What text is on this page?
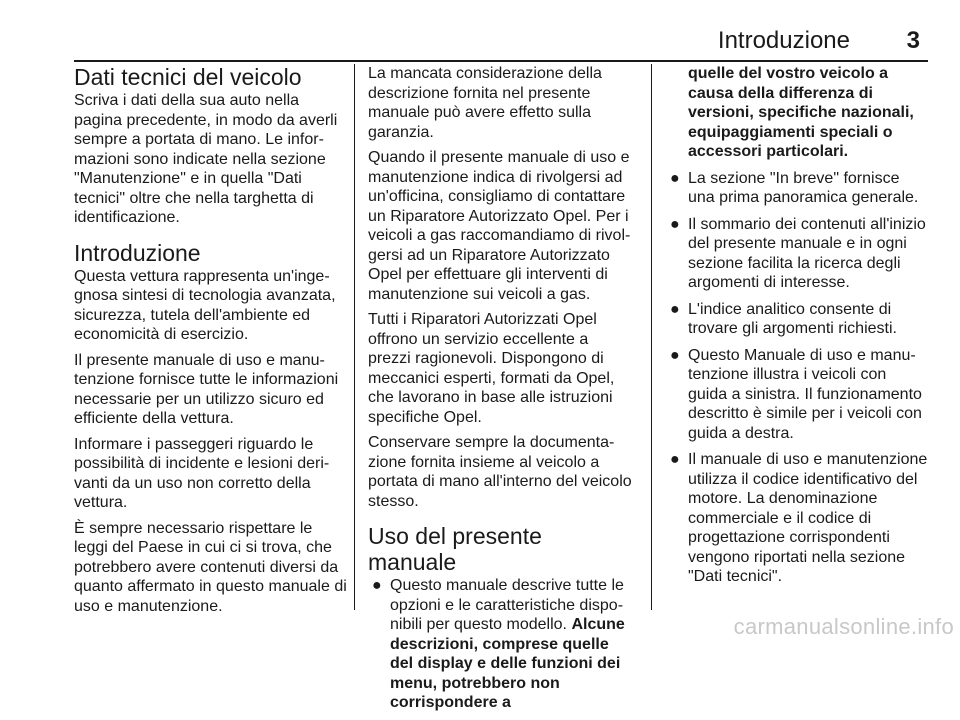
Introduzione 3
Dati tecnici del veicolo

Scriva i dati della sua auto nella pagina precedente, in modo da averli sempre a portata di mano. Le informazioni sono indicate nella sezione "Manutenzione" e in quella "Dati tecnici" oltre che nella targhetta di identificazione.

Introduzione

Questa vettura rappresenta un'ingegnosa sintesi di tecnologia avanzata, sicurezza, tutela dell'ambiente ed economicità di esercizio.

Il presente manuale di uso e manutenzione fornisce tutte le informazioni necessarie per un utilizzo sicuro ed efficiente della vettura.

Informare i passeggeri riguardo le possibilità di incidente e lesioni derivanti da un uso non corretto della vettura.

È sempre necessario rispettare le leggi del Paese in cui ci si trova, che potrebbero avere contenuti diversi da quanto affermato in questo manuale di uso e manutenzione.

La mancata considerazione della descrizione fornita nel presente manuale può avere effetto sulla garanzia.

Quando il presente manuale di uso e manutenzione indica di rivolgersi ad un'officina, consigliamo di contattare un Riparatore Autorizzato Opel. Per i veicoli a gas raccomandiamo di rivolgersi ad un Riparatore Autorizzato Opel per effettuare gli interventi di manutenzione sui veicoli a gas.

Tutti i Riparatori Autorizzati Opel offrono un servizio eccellente a prezzi ragionevoli. Dispongono di meccanici esperti, formati da Opel, che lavorano in base alle istruzioni specifiche Opel.

Conservare sempre la documentazione fornita insieme al veicolo a portata di mano all'interno del veicolo stesso.

Uso del presente manuale
● Questo manuale descrive tutte le opzioni e le caratteristiche disponibili per questo modello. Alcune descrizioni, comprese quelle del display e delle funzioni dei menu, potrebbero non corrispondere a

quelle del vostro veicolo a causa della differenza di versioni, specifiche nazionali, equipaggiamenti speciali o accessori particolari.

● La sezione "In breve" fornisce una prima panoramica generale.
● Il sommario dei contenuti all'inizio del presente manuale e in ogni sezione facilita la ricerca degli argomenti di interesse.
● L'indice analitico consente di trovare gli argomenti richiesti.
● Questo Manuale di uso e manutenzione illustra i veicoli con guida a sinistra. Il funzionamento descritto è simile per i veicoli con guida a destra.
● Il manuale di uso e manutenzione utilizza il codice identificativo del motore. La denominazione commerciale e il codice di progettazione corrispondenti vengono riportati nella sezione "Dati tecnici".
carmanualsonline.info
